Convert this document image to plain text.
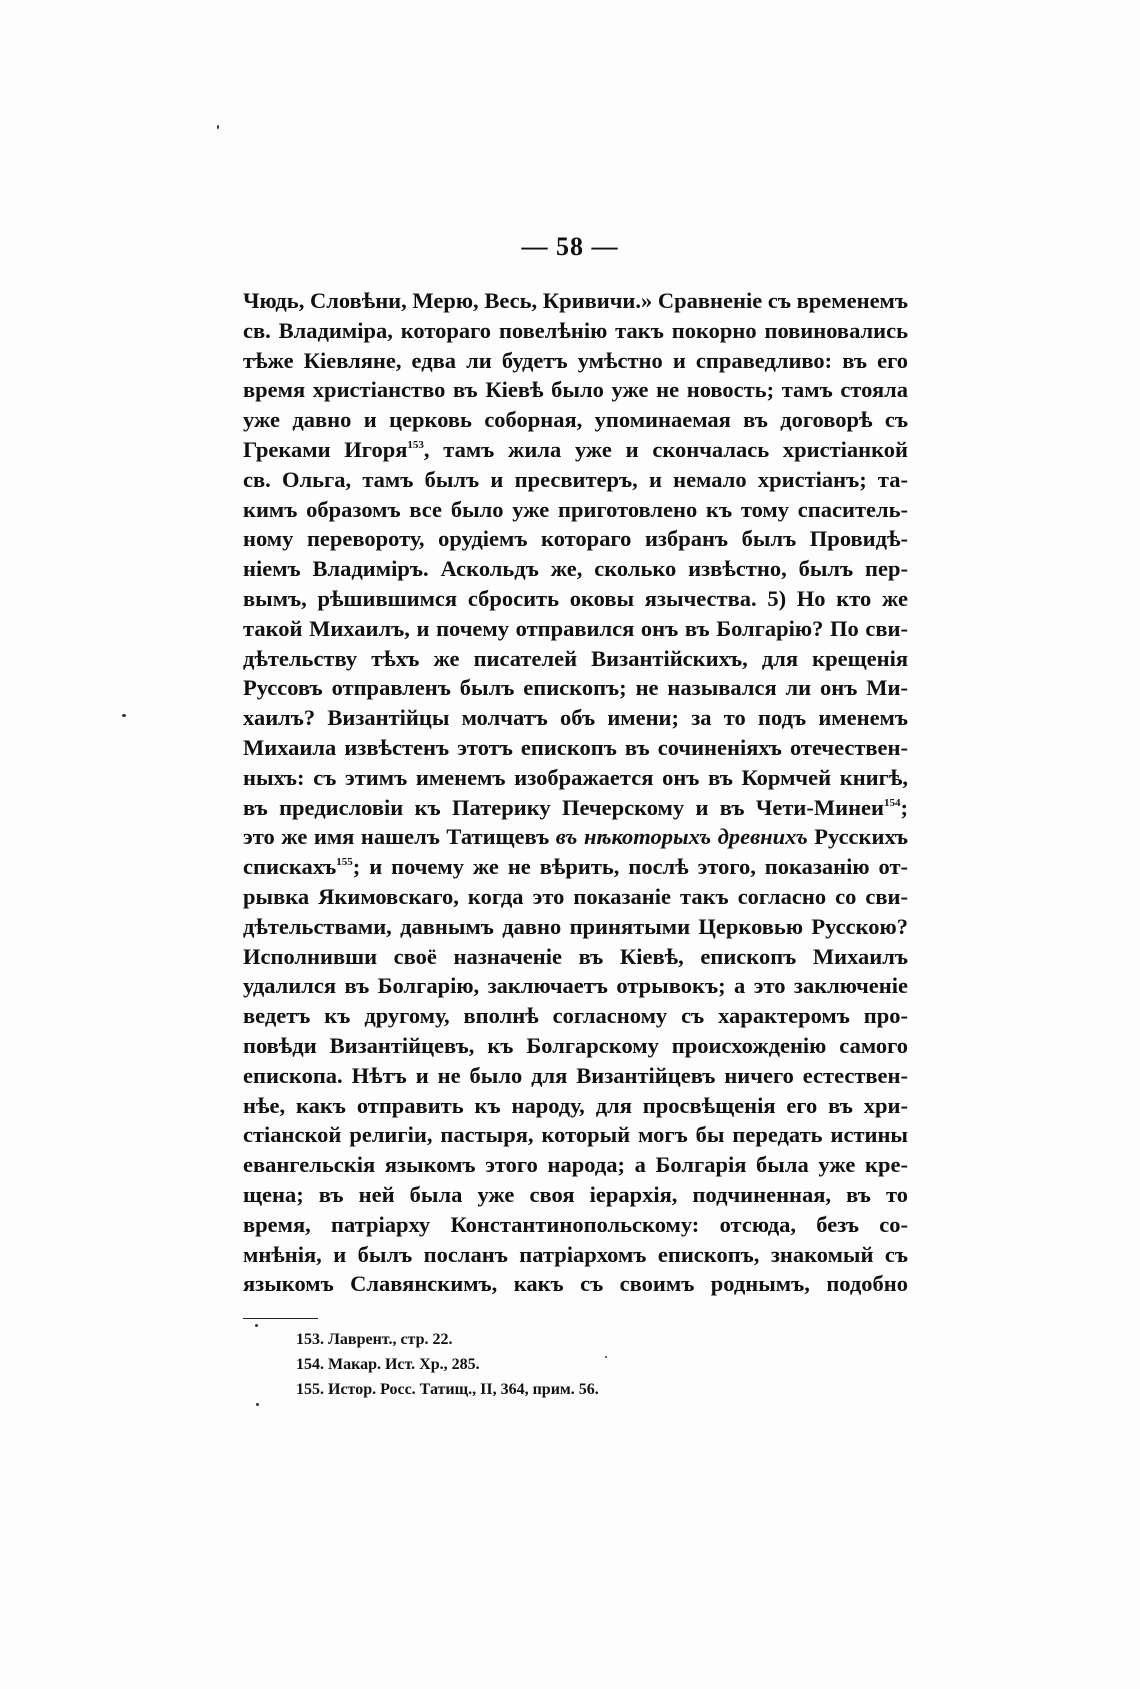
— 58 —
Чюдь, Словѣни, Мерю, Весь, Кривичи.» Сравненіе съ временемъ
св. Владиміра, котораго повелѣнію такъ покорно повиновались
тѣже Кіевляне, едва ли будетъ умѣстно и справедливо: въ его
время христіанство въ Кіевѣ было уже не новость; тамъ стояла
уже давно и церковь соборная, упоминаемая въ договорѣ съ
Греками Игоря$^{153}$, тамъ жила уже и скончалась христіанкой
св. Ольга, тамъ былъ и пресвитеръ, и немало христіанъ; та-
кимъ образомъ все было уже приготовлено къ тому спаситель-
ному перевороту, орудіемъ котораго избранъ былъ Провидѣ-
ніемъ Владиміръ. Аскольдъ же, сколько извѣстно, былъ пер-
вымъ, рѣшившимся сбросить оковы язычества. 5) Но кто же
такой Михаилъ, и почему отправился онъ въ Болгарію? По сви-
дѣтельству тѣхъ же писателей Византійскихъ, для крещенія
Руссовъ отправленъ былъ епископъ; не назывался ли онъ Ми-
хаилъ? Византійцы молчатъ объ имени; за то подъ именемъ
Михаила извѣстенъ этотъ епископъ въ сочиненіяхъ отечествен-
ныхъ: съ этимъ именемъ изображается онъ въ Кормчей книгѣ,
въ предисловіи къ Патерику Печерскому и въ Чети-Минеи$^{154}$;
это же имя нашелъ Татищевъ въ нѣкоторыхъ древнихъ Русскихъ
спискахъ$^{155}$; и почему же не вѣрить, послѣ этого, показанію от-
рывка Якимовскаго, когда это показаніе такъ согласно со сви-
дѣтельствами, давнымъ давно принятыми Церковью Русскою?
Исполнивши своё назначеніе въ Кіевѣ, епископъ Михаилъ
удалился въ Болгарію, заключаетъ отрывокъ; а это заключеніе
ведетъ къ другому, вполнѣ согласному съ характеромъ про-
повѣди Византійцевъ, къ Болгарскому происхожденію самого
епископа. Нѣтъ и не было для Византійцевъ ничего естествен-
нѣе, какъ отправить къ народу, для просвѣщенія его въ хри-
стіанской религіи, пастыря, который могъ бы передать истины
евангельскія языкомъ этого народа; а Болгарія была уже кре-
щена; въ ней была уже своя іерархія, подчиненная, въ то
время, патріарху Константинопольскому: отсюда, безъ со-
мнѣнія, и былъ посланъ патріархомъ епископъ, знакомый съ
языкомъ Славянскимъ, какъ съ своимъ роднымъ, подобно
153. Лаврент., стр. 22.
154. Макар. Ист. Хр., 285.
155. Истор. Росс. Татищ., II, 364, прим. 56.
